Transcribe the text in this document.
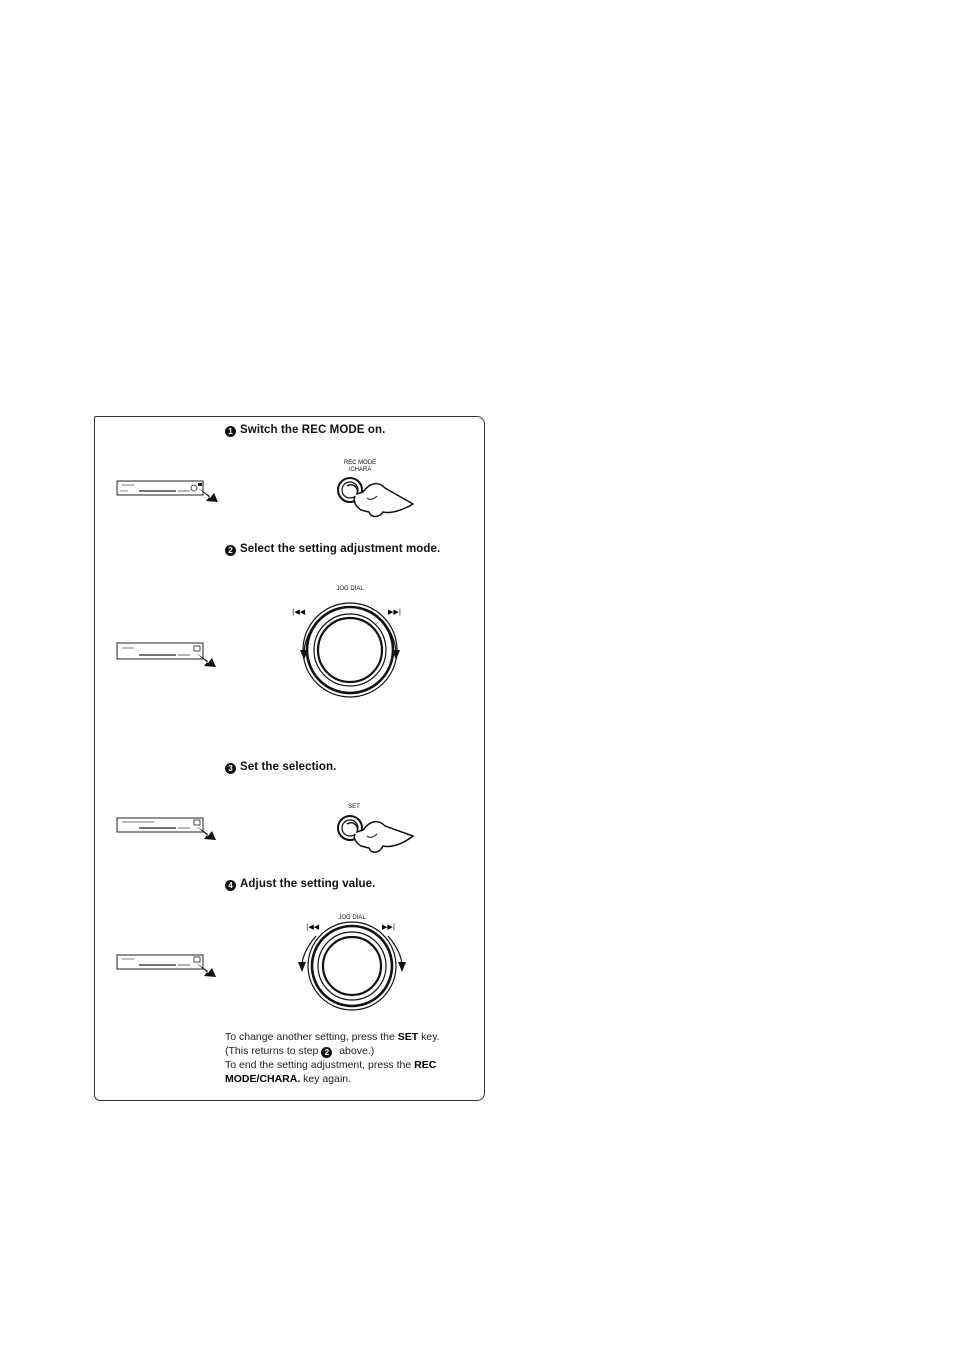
1 Switch the REC MODE on.
REC MODE
/CHARA
2 Select the setting adjustment mode.
JOG DIAL
|◀◀	▶▶|
3 Set the selection.
SET
4 Adjust the setting value.
JOG DIAL
|◀◀	▶▶|
To change another setting, press the SET key.
(This returns to step 2 above.)
To end the setting adjustment, press the REC MODE/CHARA. key again.
